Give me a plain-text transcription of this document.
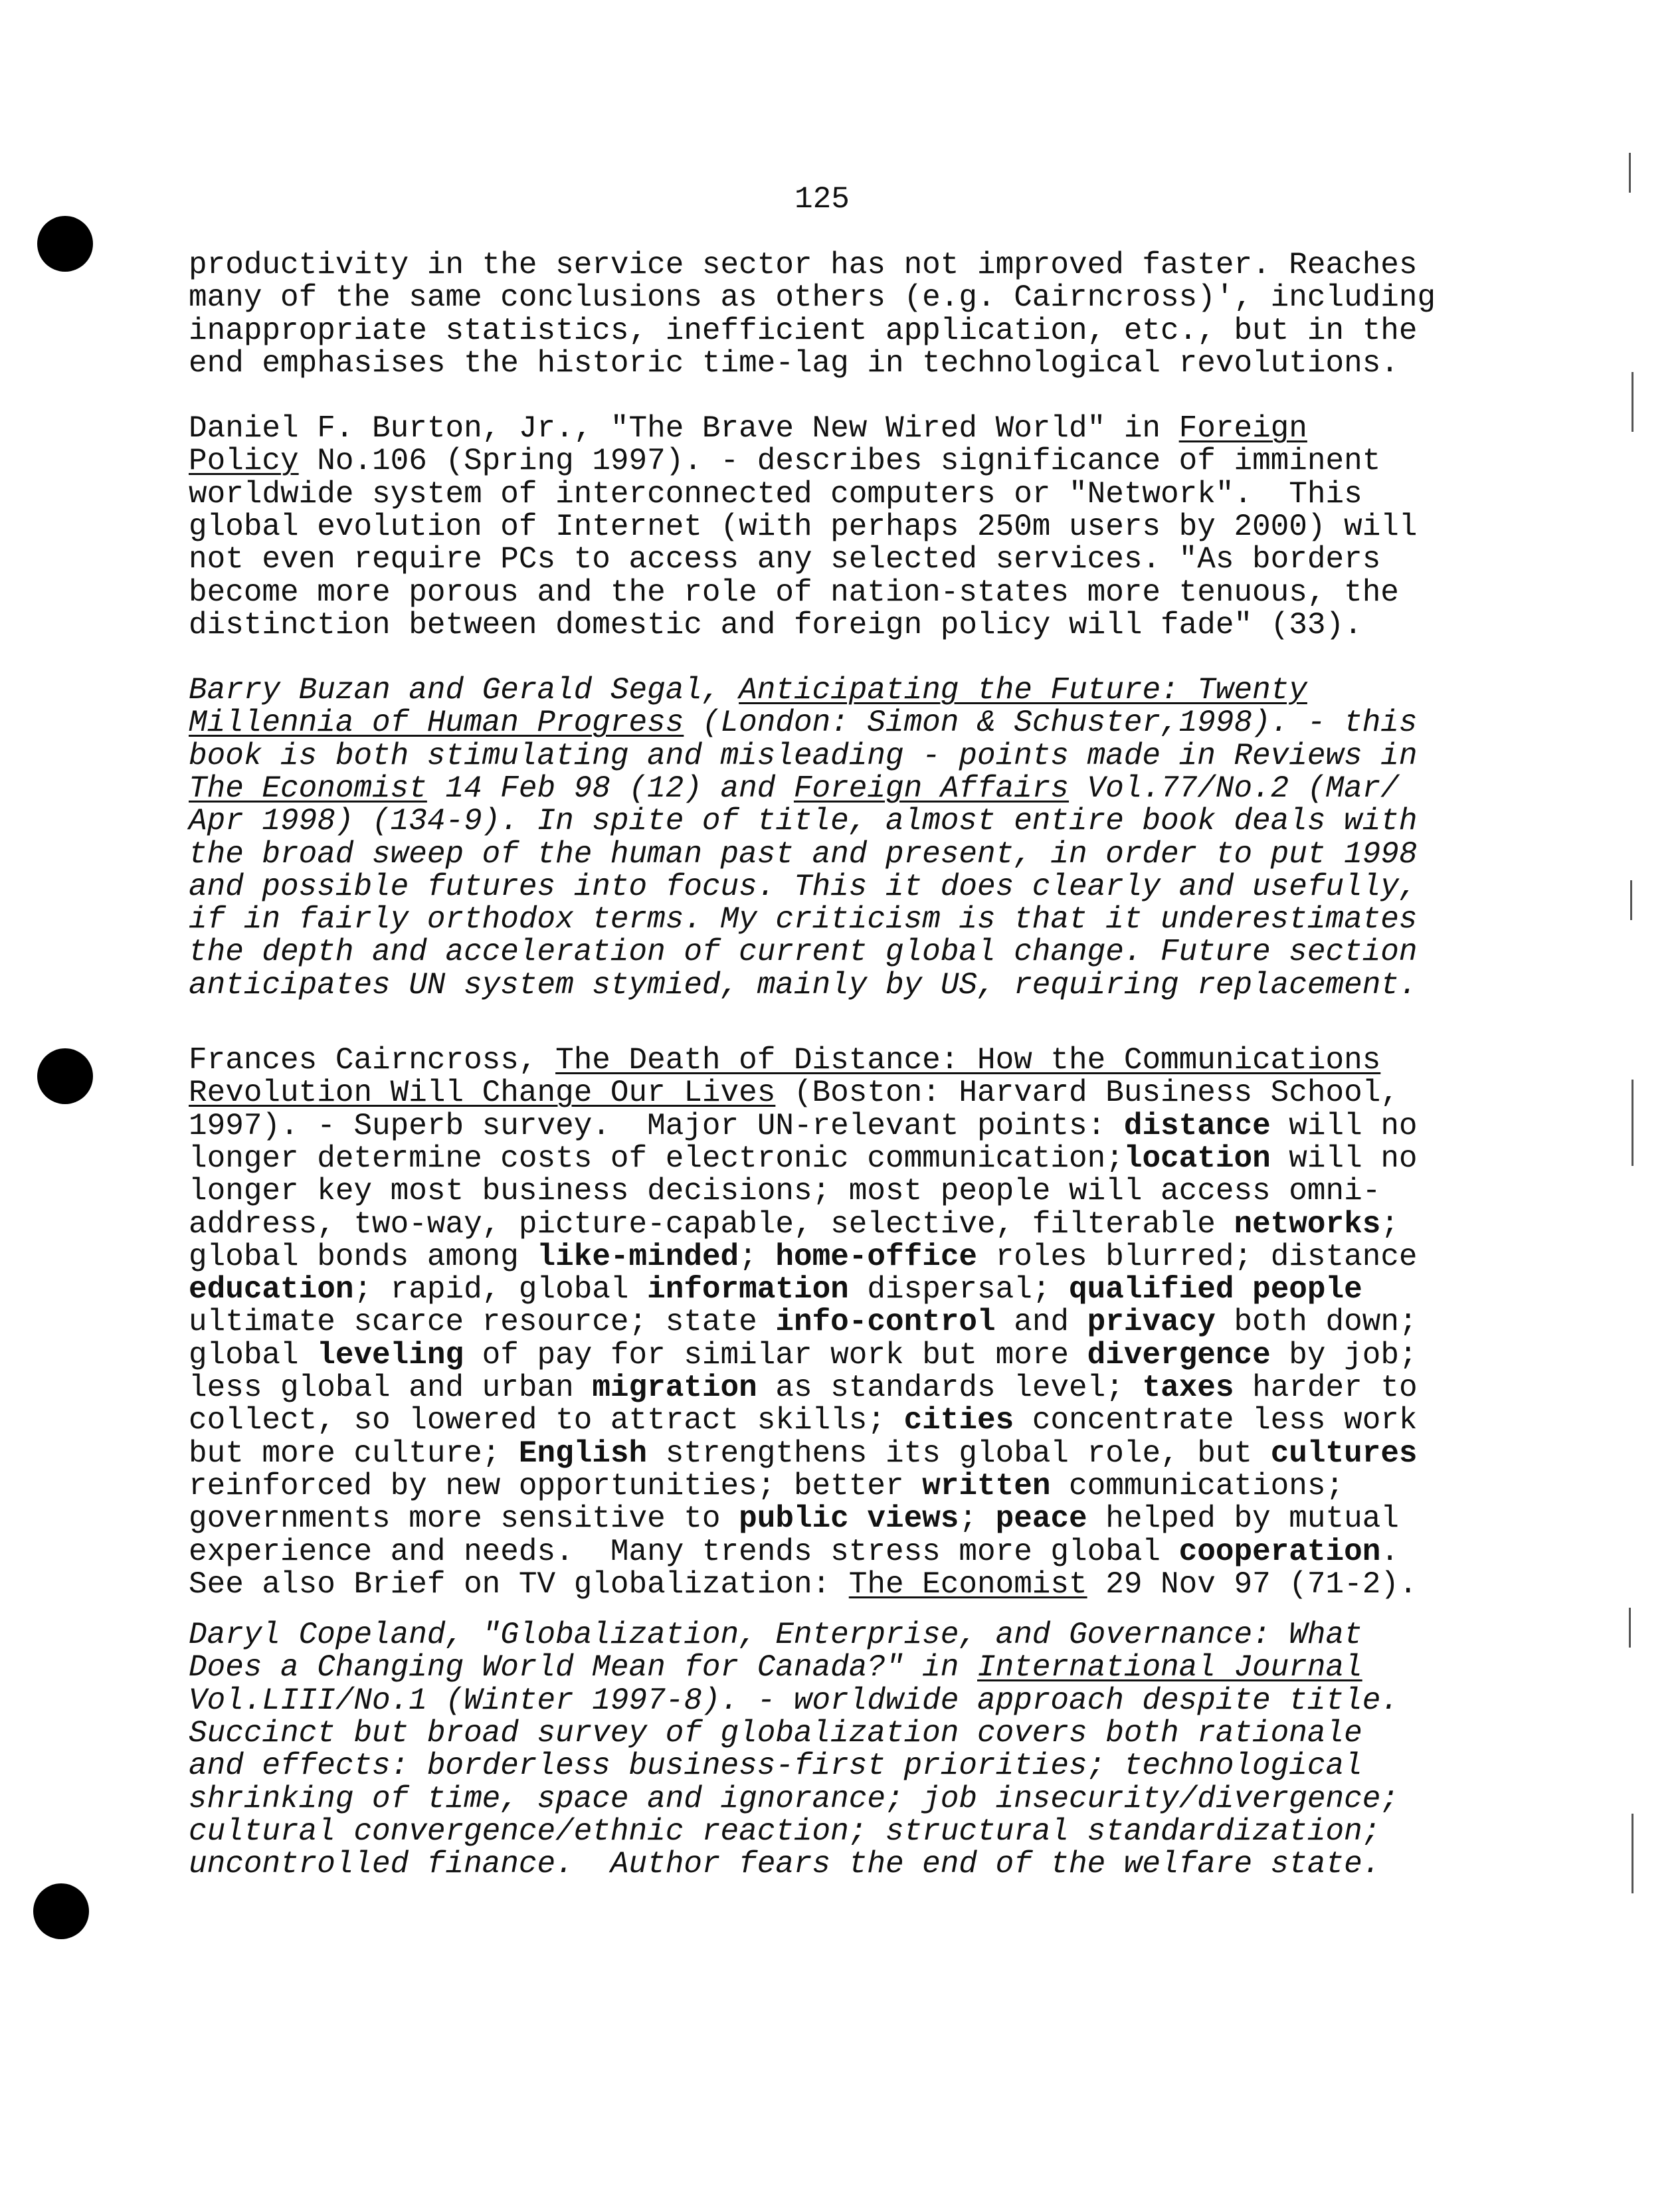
125
productivity in the service sector has not improved faster. Reaches
many of the same conclusions as others (e.g. Cairncross)', including
inappropriate statistics, inefficient application, etc., but in the
end emphasises the historic time-lag in technological revolutions.
Daniel F. Burton, Jr., "The Brave New Wired World" in Foreign
Policy No.106 (Spring 1997). - describes significance of imminent
worldwide system of interconnected computers or "Network".  This
global evolution of Internet (with perhaps 250m users by 2000) will
not even require PCs to access any selected services. "As borders
become more porous and the role of nation-states more tenuous, the
distinction between domestic and foreign policy will fade" (33).
Barry Buzan and Gerald Segal, Anticipating the Future: Twenty
Millennia of Human Progress (London: Simon & Schuster,1998). - this
book is both stimulating and misleading - points made in Reviews in
The Economist 14 Feb 98 (12) and Foreign Affairs Vol.77/No.2 (Mar/
Apr 1998) (134-9). In spite of title, almost entire book deals with
the broad sweep of the human past and present, in order to put 1998
and possible futures into focus. This it does clearly and usefully,
if in fairly orthodox terms. My criticism is that it underestimates
the depth and acceleration of current global change. Future section
anticipates UN system stymied, mainly by US, requiring replacement.
Frances Cairncross, The Death of Distance: How the Communications
Revolution Will Change Our Lives (Boston: Harvard Business School,
1997). - Superb survey.  Major UN-relevant points: distance will no
longer determine costs of electronic communication;location will no
longer key most business decisions; most people will access omni-
address, two-way, picture-capable, selective, filterable networks;
global bonds among like-minded; home-office roles blurred; distance
education; rapid, global information dispersal; qualified people
ultimate scarce resource; state info-control and privacy both down;
global leveling of pay for similar work but more divergence by job;
less global and urban migration as standards level; taxes harder to
collect, so lowered to attract skills; cities concentrate less work
but more culture; English strengthens its global role, but cultures
reinforced by new opportunities; better written communications;
governments more sensitive to public views; peace helped by mutual
experience and needs.  Many trends stress more global cooperation.
See also Brief on TV globalization: The Economist 29 Nov 97 (71-2).
Daryl Copeland, "Globalization, Enterprise, and Governance: What
Does a Changing World Mean for Canada?" in International Journal
Vol.LIII/No.1 (Winter 1997-8). - worldwide approach despite title.
Succinct but broad survey of globalization covers both rationale
and effects: borderless business-first priorities; technological
shrinking of time, space and ignorance; job insecurity/divergence;
cultural convergence/ethnic reaction; structural standardization;
uncontrolled finance.  Author fears the end of the welfare state.
